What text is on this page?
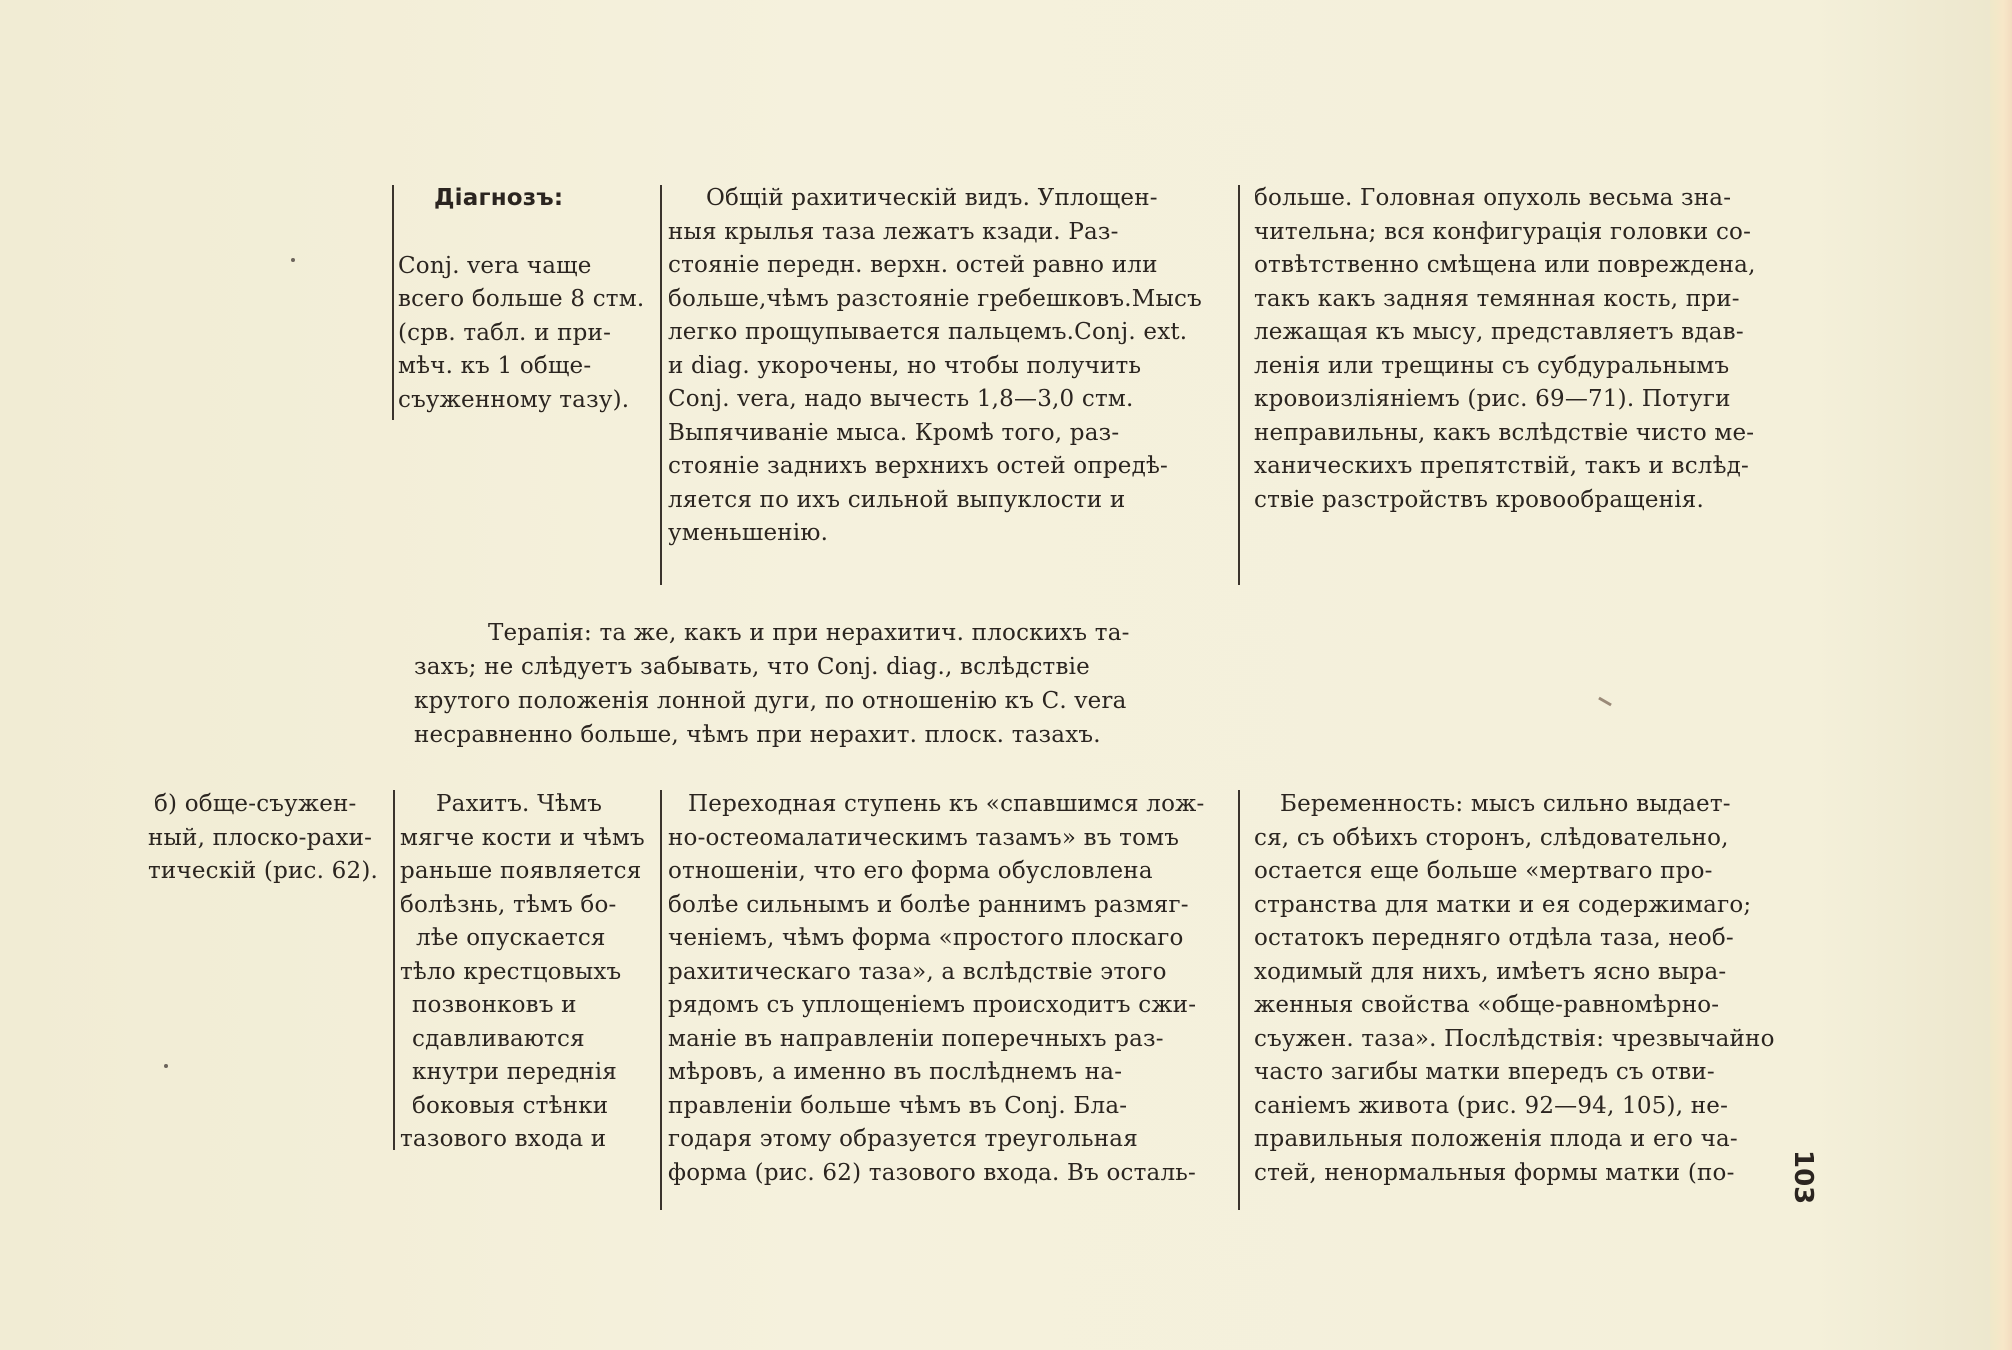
Діагнозъ:

Conj. vera чаще

всего больше 8 стм.

(срв. табл. и при-

мѣч. къ 1 обще-

съуженному тазу).

Общій рахитическій видъ. Уплощен-

ныя крылья таза лежатъ кзади. Раз-

стояніе передн. верхн. остей равно или

больше,чѣмъ разстояніе гребешковъ.Мысъ

легко прощупывается пальцемъ.Conj. ext.

и diag. укорочены, но чтобы получить

Conj. vera, надо вычесть 1,8—3,0 стм.

Выпячиваніе мыса. Кромѣ того, раз-

стояніе заднихъ верхнихъ остей опредѣ-

ляется по ихъ сильной выпуклости и

уменьшенію.

больше. Головная опухоль весьма зна-

чительна; вся конфигурація головки со-

отвѣтственно смѣщена или повреждена,

такъ какъ задняя темянная кость, при-

лежащая къ мысу, представляетъ вдав-

ленія или трещины съ субдуральнымъ

кровоизліяніемъ (рис. 69—71). Потуги

неправильны, какъ вслѣдствіе чисто ме-

ханическихъ препятствій, такъ и вслѣд-

ствіе разстройствъ кровообращенія.

Терапія: та же, какъ и при нерахитич. плоскихъ та-

захъ; не слѣдуетъ забывать, что Conj. diag., вслѣдствіе

крутого положенія лонной дуги, по отношенію къ С. vera

несравненно больше, чѣмъ при нерахит. плоск. тазахъ.

б) обще-съужен-

ный, плоско-рахи-

тическій (рис. 62).

Рахитъ. Чѣмъ

мягче кости и чѣмъ

раньше появляется

болѣзнь, тѣмъ бо-

лѣе опускается

тѣло крестцовыхъ

позвонковъ и

сдавливаются

кнутри переднія

боковыя стѣнки

тазового входа и

Переходная ступень къ «спавшимся лож-

но-остеомалатическимъ тазамъ» въ томъ

отношеніи, что его форма обусловлена

болѣе сильнымъ и болѣе раннимъ размяг-

ченіемъ, чѣмъ форма «простого плоскаго

рахитическаго таза», а вслѣдствіе этого

рядомъ съ уплощеніемъ происходитъ сжи-

маніе въ направленіи поперечныхъ раз-

мѣровъ, а именно въ послѣднемъ на-

правленіи больше чѣмъ въ Conj. Бла-

годаря этому образуется треугольная

форма (рис. 62) тазового входа. Въ осталь-

Беременность: мысъ сильно выдает-

ся, съ обѣихъ сторонъ, слѣдовательно,

остается еще больше «мертваго про-

странства для матки и ея содержимаго;

остатокъ передняго отдѣла таза, необ-

ходимый для нихъ, имѣетъ ясно выра-

женныя свойства «обще-равномѣрно-

съужен. таза». Послѣдствія: чрезвычайно

часто загибы матки впередъ съ отви-

саніемъ живота (рис. 92—94, 105), не-

правильныя положенія плода и его ча-

стей, ненормальныя формы матки (по-	103
